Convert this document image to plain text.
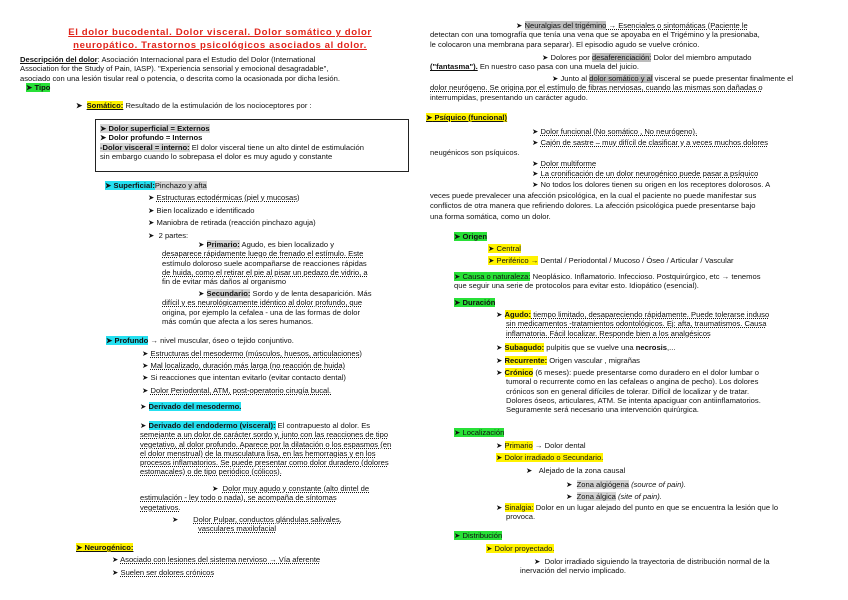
El dolor bucodental. Dolor visceral. Dolor somático y dolor
neuropático. Trastornos psicológicos asociados al dolor.
Descripción del dolor: Asociación Internacional para el Estudio del Dolor (International
Association for the Study of Pain, IASP). "Experiencia sensorial y emocional desagradable",
asociado con una lesión tisular real o potencia, o descrita como la ocasionada por dicha lesión.
➤ Tipo
➤ Somático: Resultado de la estimulación de los nocioceptores por :
➤ Dolor superficial = Externos
➤ Dolor profundo = Internos
-Dolor visceral = interno: El dolor visceral tiene un alto dintel de estimulación
sin embargo cuando lo sobrepasa el dolor es muy agudo y constante
➤ Superficial:Pinchazo y afta
➤ Estructuras ectodérmicas (piel y mucosas)
➤ Bien localizado e identificado
➤ Maniobra de retirada (reacción pinchazo aguja)
➤ 2 partes:
➤ Primario: Agudo, es bien localizado y
desaparece rápidamente luego de frenado el estímulo. Este
estímulo doloroso suele acompañarse de reacciones rápidas
de huida, como el retirar el pie al pisar un pedazo de vidrio, a
fin de evitar más daños al organismo
➤ Secundario: Sordo y de lenta desaparición. Más
difícil y es neurológicamente idéntico al dolor profundo, que
origina, por ejemplo la cefalea - una de las formas de dolor
más común que afecta a los seres humanos.
➤ Profundo → nivel muscular, óseo o tejido conjuntivo.
➤ Estructuras del mesodermo (músculos, huesos, articulaciones)
➤ Mal localizado, duración más larga (no reacción de huida)
➤ Si reacciones que intentan evitarlo (evitar contacto dental)
➤ Dolor Periodontal, ATM, post-operatorio cirugía bucal.
➤ Derivado del mesodermo.
➤ Derivado del endodermo (visceral): El contrapuesto al dolor. Es
semejante a un dolor de carácter sordo y, junto con las reacciones de tipo
vegetativo, al dolor profundo. Aparece por la dilatación o los espasmos (en
el dolor menstrual) de la musculatura lisa, en las hemorragias y en los
procesos inflamatorios. Se puede presentar como dolor duradero (dolores
estomacales) o de tipo periódico (cólicos).
➤ Dolor muy agudo y constante (alto dintel de
estimulación - ley todo o nada), se acompaña de síntomas
vegetativos.
➤ Dolor Pulpar, conductos glándulas salivales,
vasculares maxilofacial
➤ Neurogénico:
➤ Asociado con lesiones del sistema nervioso → Vía aferente
➤ Suelen ser dolores crónicos
➤ Neuralgias del trigémino → Esenciales o sintomáticas (Paciente le
detectan con una tomografía que tenía una vena que se apoyaba en el Trigémino y la presionaba,
le colocaron una membrana para separar). El episodio agudo se vuelve crónico.
➤ Dolores por desaferenciación: Dolor del miembro amputado
("fantasma"). En nuestro caso pasa con una muela del juicio.
➤ Junto al dolor somático y al visceral se puede presentar finalmente el
dolor neurógeno. Se origina por el estímulo de fibras nerviosas, cuando las mismas son dañadas o
interrumpidas, presentando un carácter agudo.
➤ Psíquico (funcional)
➤ Dolor funcional (No somático , No neurógeno).
➤ Cajón de sastre – muy difícil de clasificar y a veces muchos dolores
neugénicos son psíquicos.
➤ Dolor multiforme
➤ La cronificación de un dolor neurogénico puede pasar a psíquico
➤ No todos los dolores tienen su origen en los receptores dolorosos. A
veces puede prevalecer una afección psicológica, en la cual el paciente no puede manifestar sus
conflictos de otra manera que refiriendo dolores. La afección psicológica puede presentarse bajo
una forma somática, como un dolor.
➤ Origen
➤ Central
➤ Periférico → Dental / Periodontal / Mucoso / Óseo / Articular / Vascular
➤ Causa o naturaleza: Neoplásico. Inflamatorio. Infeccioso. Postquirúrgico, etc → tenemos
que seguir una serie de protocolos para evitar esto. Idiopático (esencial).
➤ Duración
➤ Agudo: tiempo limitado, desapareciendo rápidamente. Puede tolerarse induso
sin medicamentos -tratamientos odontológicos. Ej: afta, traumatismos. Causa
inflamatoria. Fácil localizar. Responde bien a los analgésicos
➤ Subagudo: pulpitis que se vuelve una necrosis,...
➤ Recurrente: Origen vascular , migrañas
➤ Crónico (6 meses): puede presentarse como duradero en el dolor lumbar o
tumoral o recurrente como en las cefaleas o angina de pecho). Los dolores
crónicos son en general difíciles de tolerar. Difícil de localizar y de tratar.
Dolores óseos, articulares, ATM. Se intenta apaciguar con antiinflamatorios.
Seguramente será necesario una intervención quirúrgica.
➤ Localización
➤ Primario → Dolor dental
➤ Dolor irradiado o Secundario.
➤ Alejado de la zona causal
➤ Zona algiógena (source of pain).
➤ Zona álgica (site of pain).
➤ Sinalgia: Dolor en un lugar alejado del punto en que se encuentra la lesión que lo
provoca.
➤ Distribución
➤ Dolor proyectado.
➤ Dolor irradiado siguiendo la trayectoria de distribución normal de la
inervación del nervio implicado.
